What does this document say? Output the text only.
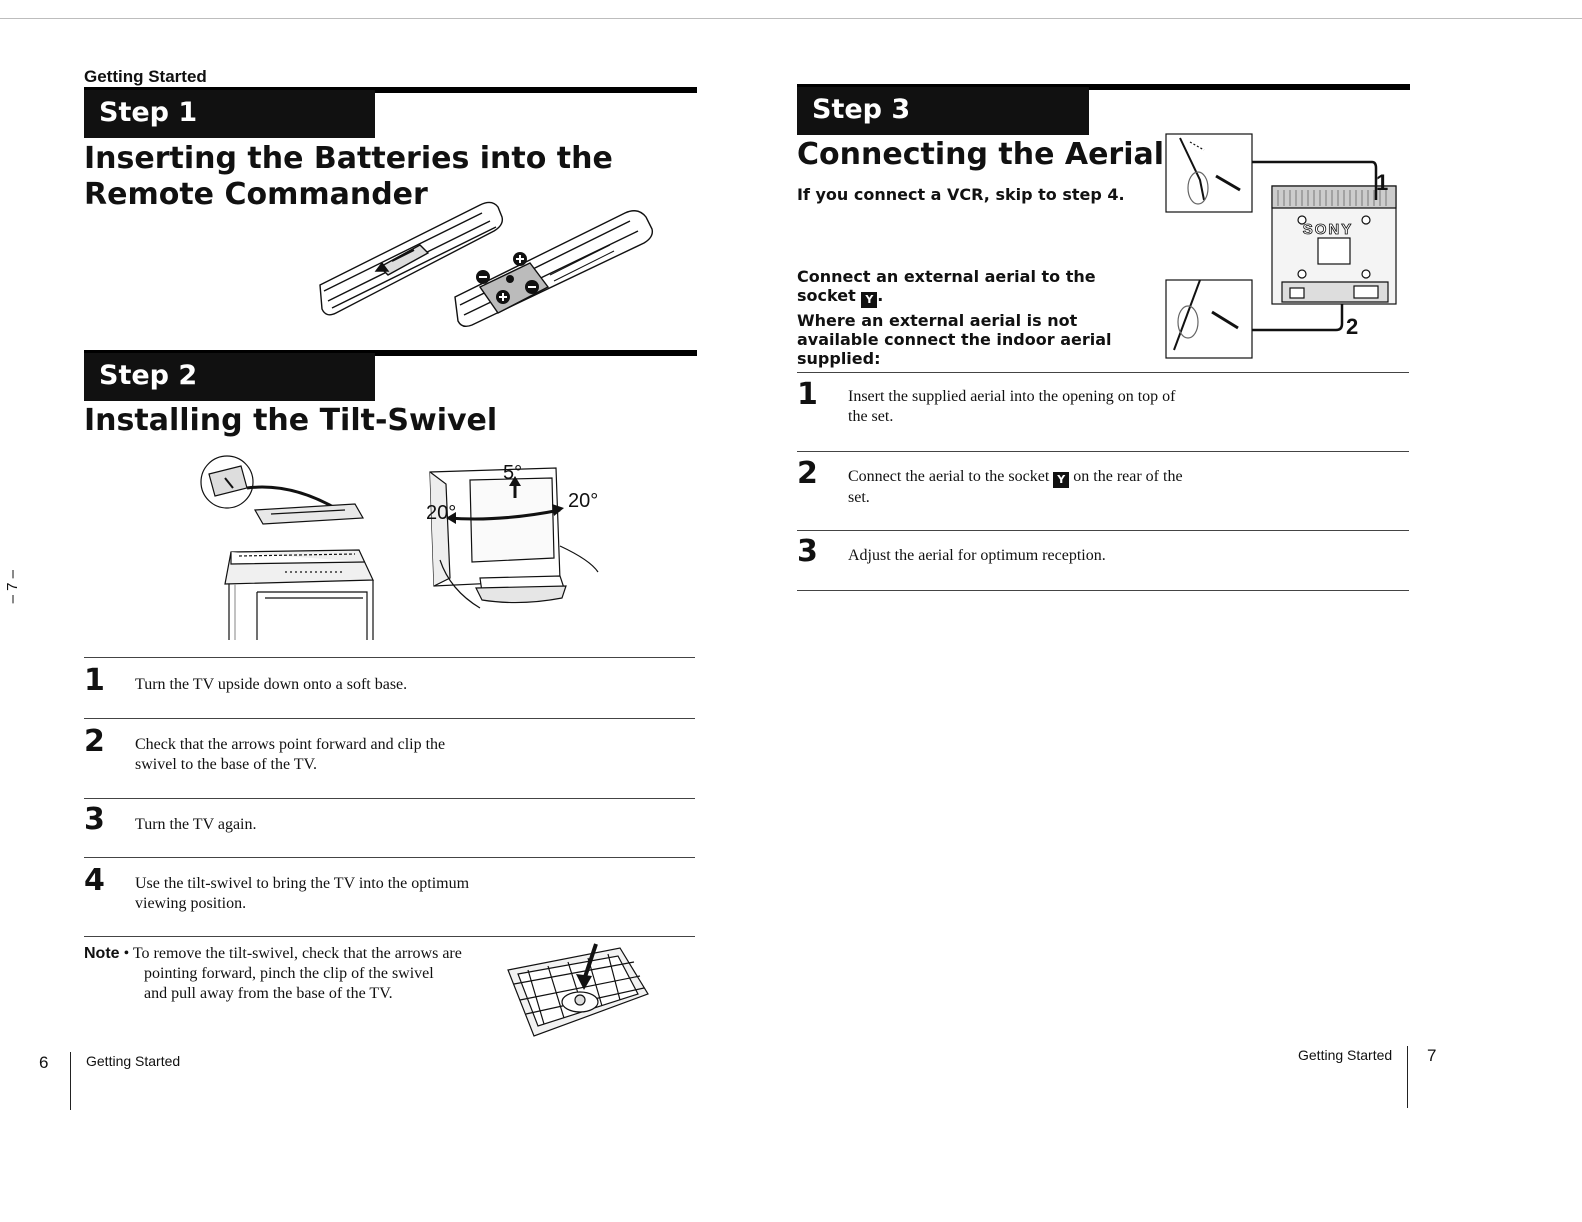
Getting Started
Step 1
Inserting the Batteries into the
Remote Commander
Step 2
Installing the Tilt-Swivel
5°
20°
20°
1 Turn the TV upside down onto a soft base.
2 Check that the arrows point forward and clip the
swivel to the base of the TV.
3 Turn the TV again.
4 Use the tilt-swivel to bring the TV into the optimum
viewing position.
Note • To remove the tilt-swivel, check that the arrows are
pointing forward, pinch the clip of the swivel
and pull away from the base of the TV.
– 7 –
6	Getting Started
Step 3
Connecting the Aerial
If you connect a VCR, skip to step 4.
Connect an external aerial to the
socket Y .
Where an external aerial is not
available connect the indoor aerial
supplied:
SONY
1
2
1 Insert the supplied aerial into the opening on top of
the set.
2 Connect the aerial to the socket Y on the rear of the
set.
3 Adjust the aerial for optimum reception.
Getting Started 7
